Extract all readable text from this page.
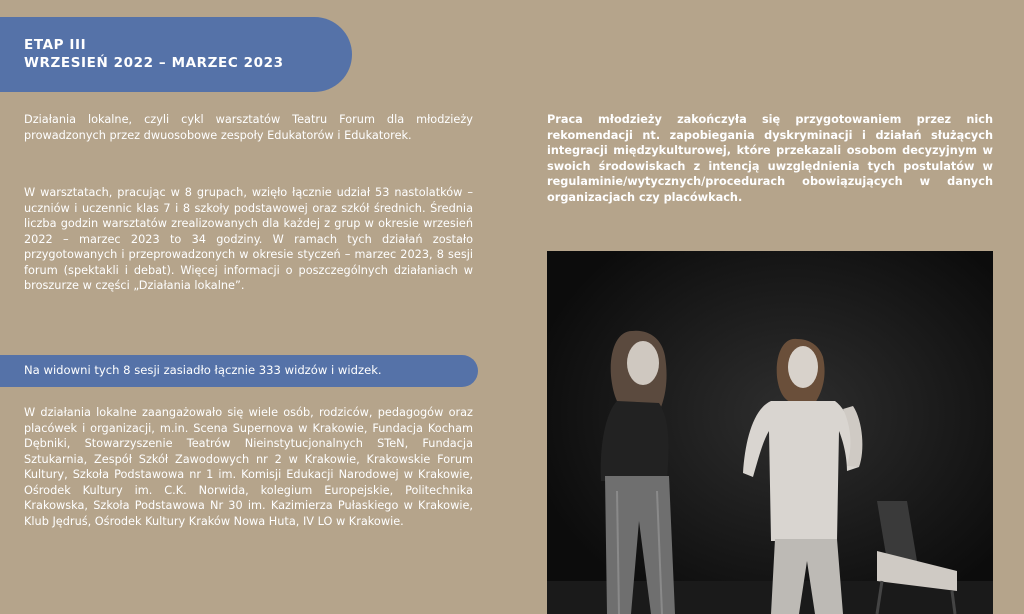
ETAP III
WRZESIEŃ 2022 – MARZEC 2023

Działania lokalne, czyli cykl warsztatów Teatru Forum dla młodzieży prowadzonych przez dwuosobowe zespoły Edukatorów i Edukatorek.

W warsztatach, pracując w 8 grupach, wzięło łącznie udział 53 nastolatków – uczniów i uczennic klas 7 i 8 szkoły podstawowej oraz szkół średnich. Średnia liczba godzin warsztatów zrealizowanych dla każdej z grup w okresie wrzesień 2022 – marzec 2023 to 34 godziny. W ramach tych działań zostało przygotowanych i przeprowadzonych w okresie styczeń – marzec 2023, 8 sesji forum (spektakli i debat). Więcej informacji o poszczególnych działaniach w broszurze w części „Działania lokalne”.

Na widowni tych 8 sesji zasiadło łącznie 333 widzów i widzek.

W działania lokalne zaangażowało się wiele osób, rodziców, pedagogów oraz placówek i organizacji, m.in. Scena Supernova w Krakowie, Fundacja Kocham Dębniki, Stowarzyszenie Teatrów Nieinstytucjonalnych STeN, Fundacja Sztukarnia, Zespół Szkół Zawodowych nr 2 w Krakowie, Krakowskie Forum Kultury, Szkoła Podstawowa nr 1 im. Komisji Edukacji Narodowej w Krakowie, Ośrodek Kultury im. C.K. Norwida, kolegium Europejskie, Politechnika Krakowska, Szkoła Podstawowa Nr 30 im. Kazimierza Pułaskiego w Krakowie, Klub Jędruś, Ośrodek Kultury Kraków Nowa Huta, IV LO w Krakowie.

Praca młodzieży zakończyła się przygotowaniem przez nich rekomendacji nt. zapobiegania dyskryminacji i działań służących integracji międzykulturowej, które przekazali osobom decyzyjnym w swoich środowiskach z intencją uwzględnienia tych postulatów w regulaminie/wytycznych/procedurach obowiązujących w danych organizacjach czy placówkach.
